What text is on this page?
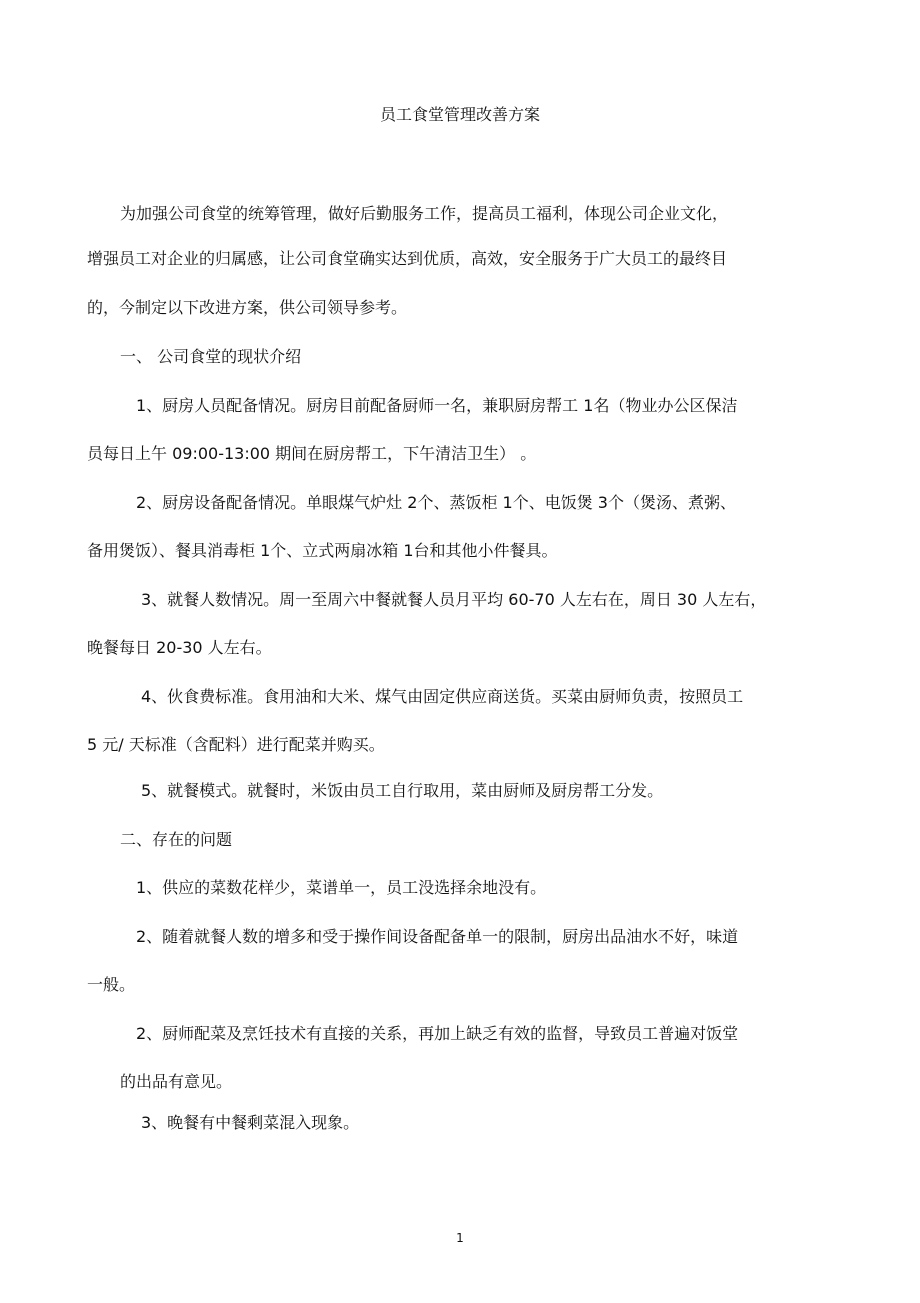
员工食堂管理改善方案
为加强公司食堂的统筹管理，做好后勤服务工作，提高员工福利，体现公司企业文化，
增强员工对企业的归属感，让公司食堂确实达到优质，高效，安全服务于广大员工的最终目
的，今制定以下改进方案，供公司领导参考。
一、 公司食堂的现状介绍
1、厨房人员配备情况。厨房目前配备厨师一名，兼职厨房帮工 1名（物业办公区保洁
员每日上午 09:00-13:00 期间在厨房帮工，下午清洁卫生） 。
2、厨房设备配备情况。单眼煤气炉灶 2个、蒸饭柜 1个、电饭煲 3个（煲汤、煮粥、
备用煲饭）、餐具消毒柜 1个、立式两扇冰箱 1台和其他小件餐具。
3、就餐人数情况。周一至周六中餐就餐人员月平均 60-70 人左右在，周日 30 人左右，
晚餐每日 20-30 人左右。
4、伙食费标准。食用油和大米、煤气由固定供应商送货。买菜由厨师负责，按照员工
5 元/ 天标准（含配料）进行配菜并购买。
5、就餐模式。就餐时，米饭由员工自行取用，菜由厨师及厨房帮工分发。
二、存在的问题
1、供应的菜数花样少，菜谱单一，员工没选择余地没有。
2、随着就餐人数的增多和受于操作间设备配备单一的限制，厨房出品油水不好，味道
一般。
2、厨师配菜及烹饪技术有直接的关系，再加上缺乏有效的监督，导致员工普遍对饭堂
的出品有意见。
3、晚餐有中餐剩菜混入现象。
1
